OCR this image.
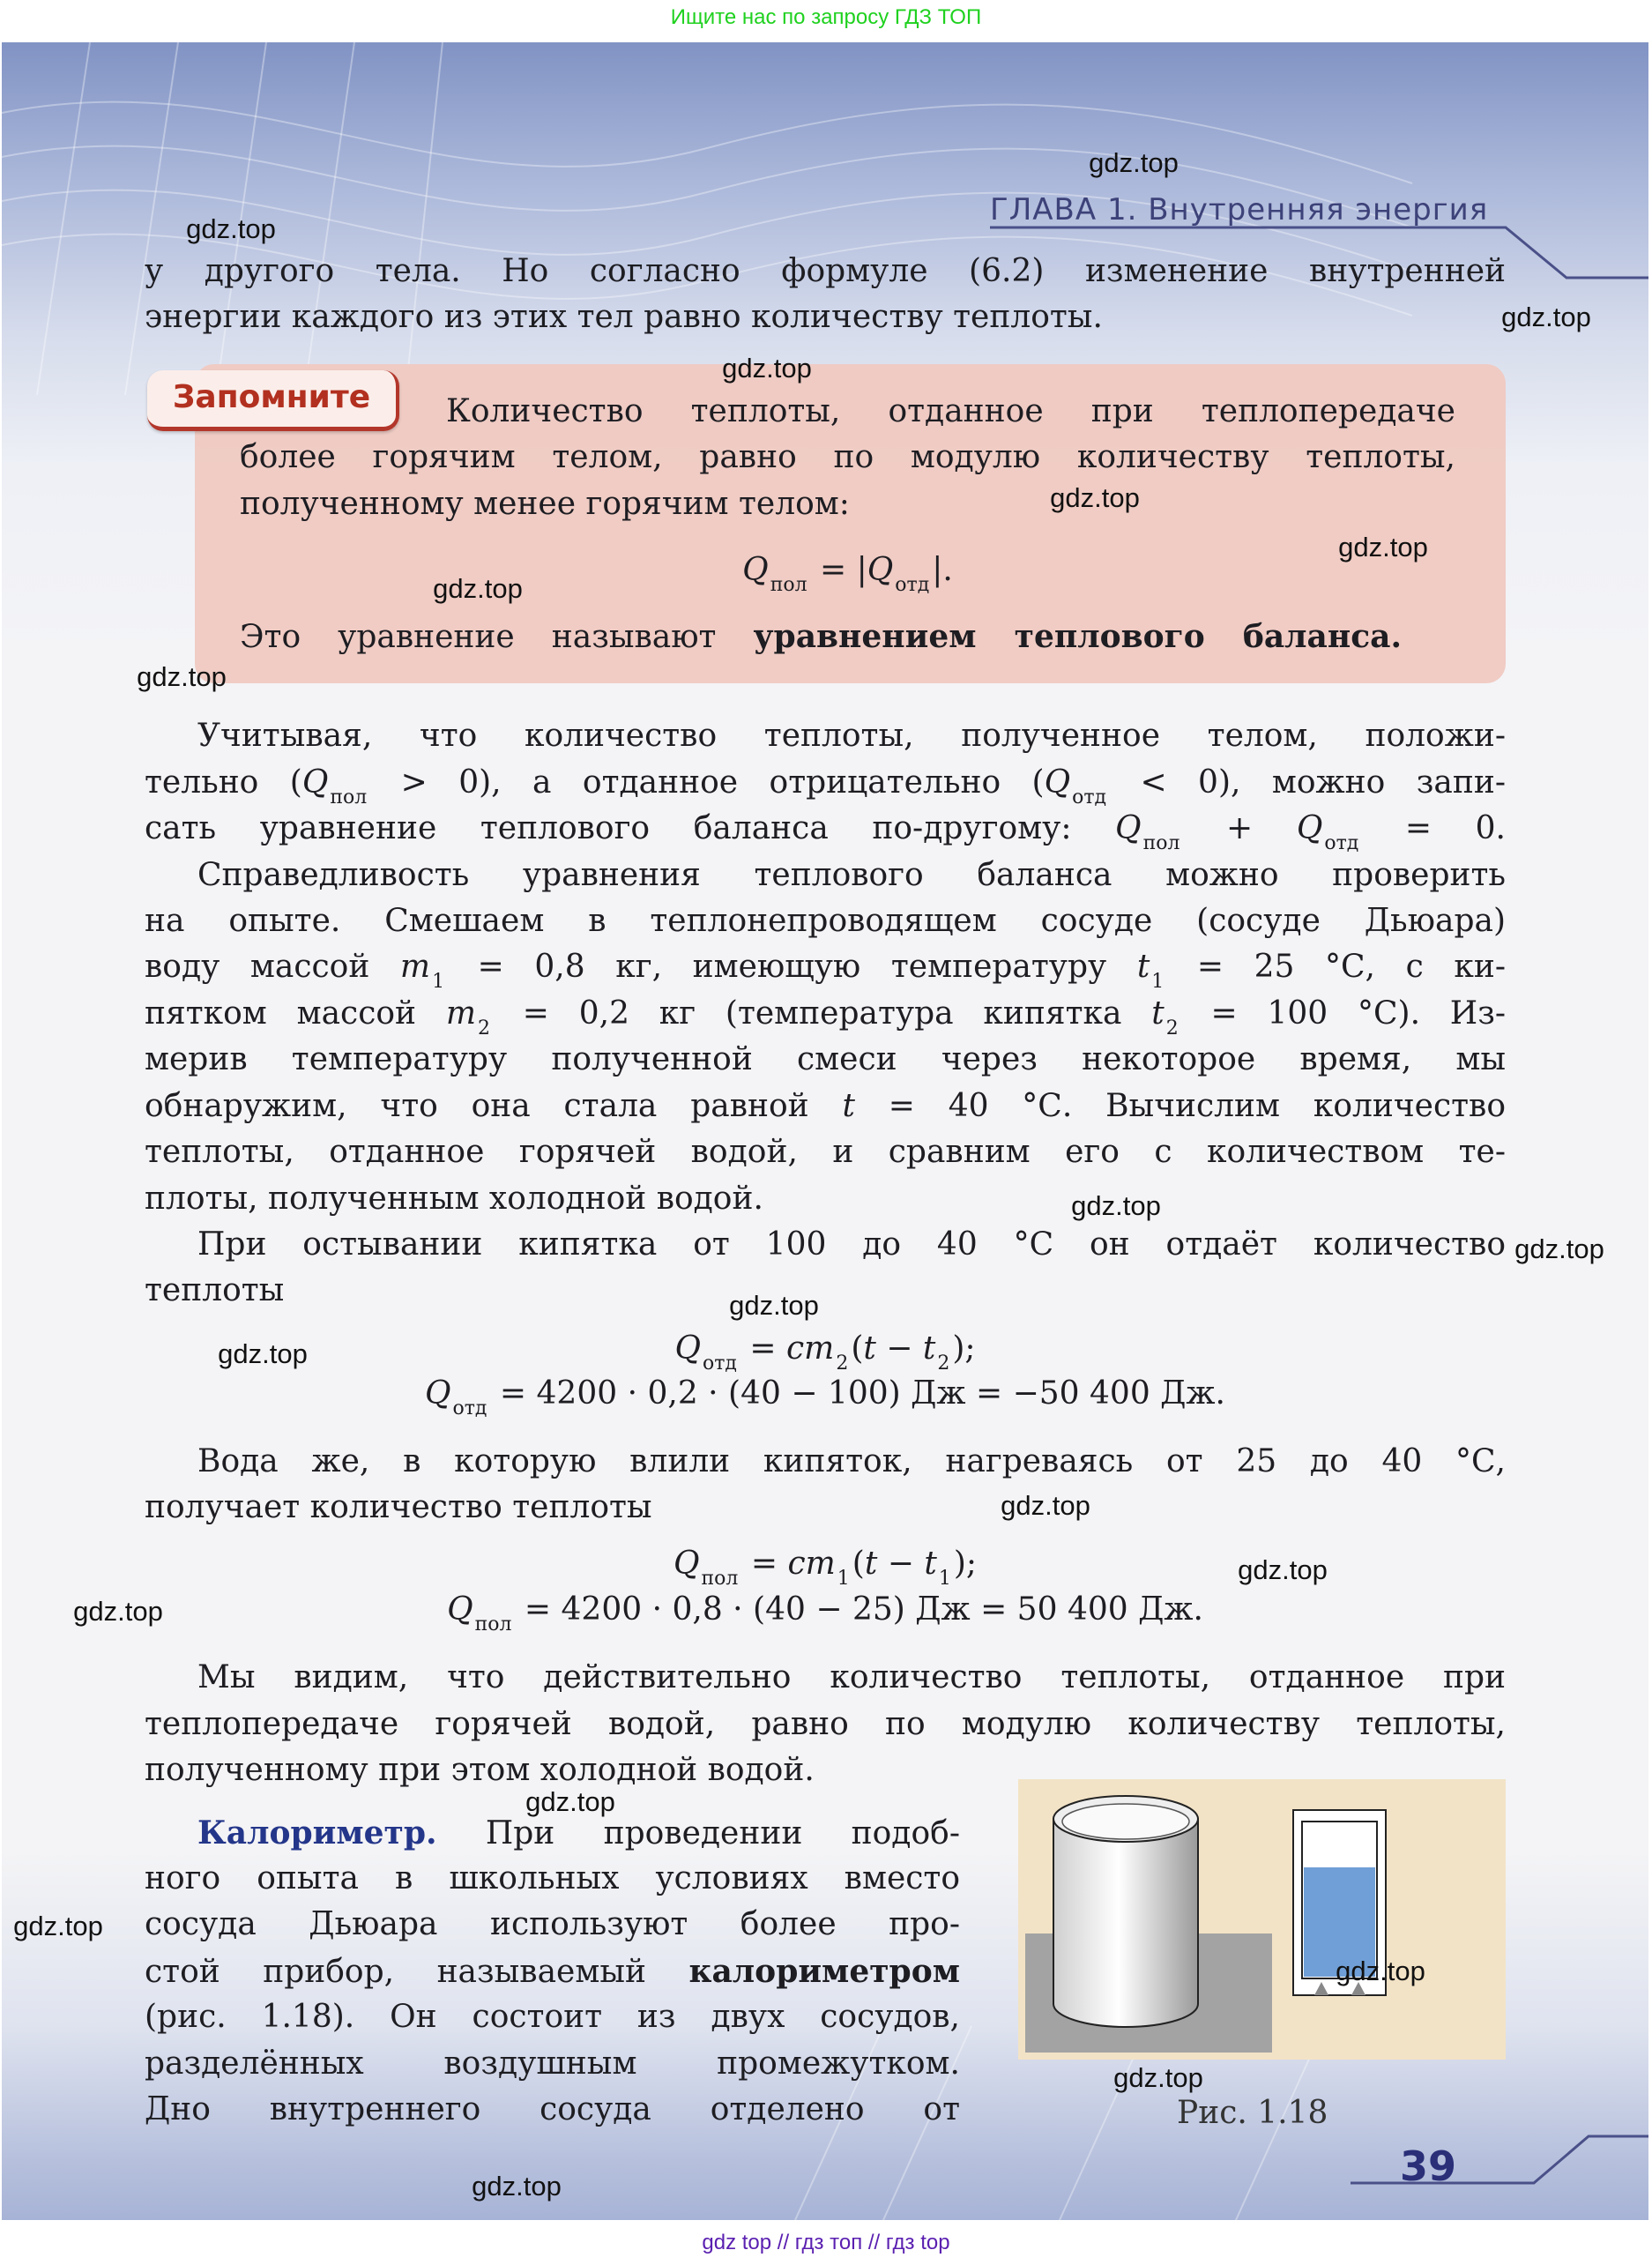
Ищите нас по запросу ГДЗ ТОП
ГЛАВА 1. Внутренняя энергия
Запомните
у другого тела. Но согласно формуле (6.2) изменение внутренней
энергии каждого из этих тел равно количеству теплоты.
Количество теплоты, отданное при теплопередаче
более горячим телом, равно по модулю количеству теплоты,
полученному менее горячим телом:
$Q_{пол} = |Q_{отд}|$.
Это уравнение называют уравнением теплового баланса.
Учитывая, что количество теплоты, полученное телом, положи-
тельно $(Q_{пол} > 0)$, а отданное отрицательно $(Q_{отд} < 0)$, можно запи-
сать уравнение теплового баланса по-другому: $Q_{пол} + Q_{отд} = 0$.
Справедливость уравнения теплового баланса можно проверить
на опыте. Смешаем в теплонепроводящем сосуде (сосуде Дьюара)
воду массой $m_1 = 0,8$ кг, имеющую температуру $t_1 = 25$ °С, с ки-
пятком массой $m_2 = 0,2$ кг (температура кипятка $t_2 = 100$ °С). Из-
мерив температуру полученной смеси через некоторое время, мы
обнаружим, что она стала равной t = 40 °С. Вычислим количество
теплоты, отданное горячей водой, и сравним его с количеством те-
плоты, полученным холодной водой.
При остывании кипятка от 100 до 40 °С он отдаёт количество
теплоты
$Q_{отд} = cm_2(t - t_2)$;
$Q_{отд} = 4200 \cdot 0,2 \cdot (40 - 100)$ Дж = −50 400 Дж.
Вода же, в которую влили кипяток, нагреваясь от 25 до 40 °С,
получает количество теплоты
$Q_{пол} = cm_1(t - t_1)$;
$Q_{пол} = 4200 \cdot 0,8 \cdot (40 - 25)$ Дж = 50 400 Дж.
Мы видим, что действительно количество теплоты, отданное при
теплопередаче горячей водой, равно по модулю количеству теплоты,
полученному при этом холодной водой.
Калориметр. При проведении подоб-
ного опыта в школьных условиях вместо
сосуда Дьюара используют более про-
стой прибор, называемый калориметром
(рис. 1.18). Он состоит из двух сосудов,
разделённых воздушным промежутком.
Дно внутреннего сосуда отделено от	Рис. 1.18
39
gdz.top
gdz.top
gdz.top
gdz.top
gdz.top
gdz.top
gdz.top
gdz.top
gdz.top
gdz.top
gdz.top
gdz.top
gdz.top
gdz.top
gdz.top
gdz.top
gdz.top
gdz.top
gdz.top
gdz.top
gdz top // гдз топ // гдз top
